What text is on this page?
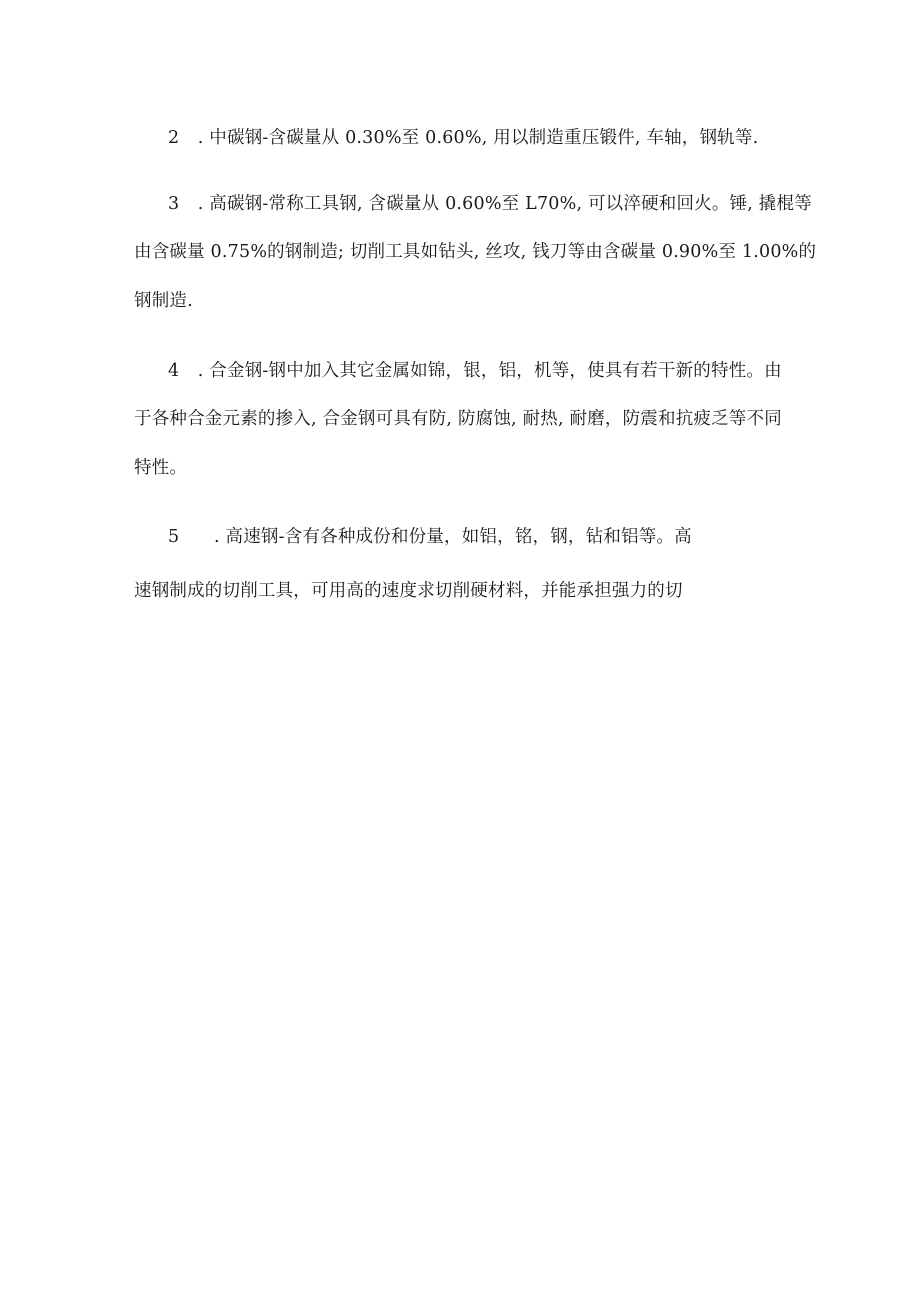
2 . 中碳钢-含碳量从 0.30%至 0.60%, 用以制造重压锻件, 车轴，钢轨等.
3 . 高碳钢-常称工具钢, 含碳量从 0.60%至 L70%, 可以淬硬和回火。锤, 撬棍等
由含碳量 0.75%的钢制造; 切削工具如钻头, 丝攻, 钱刀等由含碳量 0.90%至 1.00%的
钢制造.
4 . 合金钢-钢中加入其它金属如锦，银，铝，机等，使具有若干新的特性。由
于各种合金元素的掺入, 合金钢可具有防, 防腐蚀, 耐热, 耐磨，防震和抗疲乏等不同
特性。
5 . 高速钢-含有各种成份和份量，如铝，铭，钢，钻和铝等。高
速钢制成的切削工具，可用高的速度求切削硬材料，并能承担强力的切
